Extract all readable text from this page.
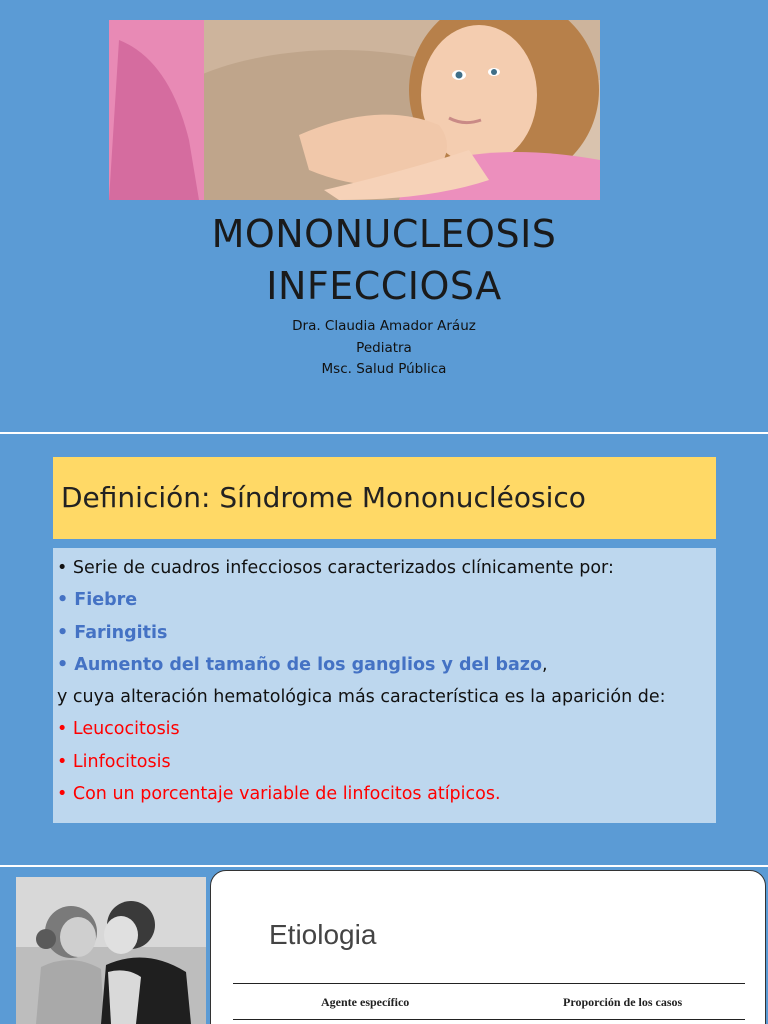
MONONUCLEOSIS
INFECCIOSA
Dra. Claudia Amador Aráuz
Pediatra
Msc. Salud Pública
Definición: Síndrome Mononucléosico
• Serie de cuadros infecciosos caracterizados clínicamente por:
• Fiebre
• Faringitis
• Aumento del tamaño de los ganglios y del bazo,
y cuya alteración hematológica más característica es la aparición de:
• Leucocitosis
• Linfocitosis
• Con un porcentaje variable de linfocitos atípicos.
Etiologia
Agente específico	Proporción de los casos
